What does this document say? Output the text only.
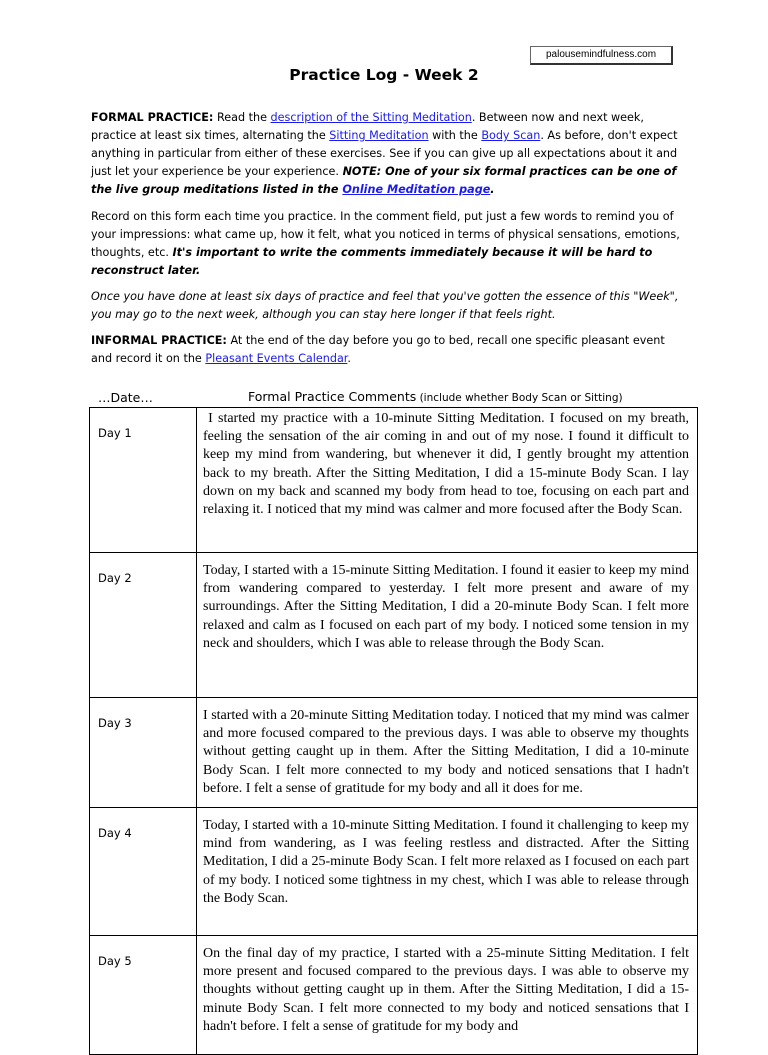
palousemindfulness.com
Practice Log - Week 2
FORMAL PRACTICE: Read the description of the Sitting Meditation. Between now and next week, practice at least six times, alternating the Sitting Meditation with the Body Scan. As before, don't expect anything in particular from either of these exercises. See if you can give up all expectations about it and just let your experience be your experience. NOTE: One of your six formal practices can be one of the live group meditations listed in the Online Meditation page.
Record on this form each time you practice. In the comment field, put just a few words to remind you of your impressions: what came up, how it felt, what you noticed in terms of physical sensations, emotions, thoughts, etc. It's important to write the comments immediately because it will be hard to reconstruct later.
Once you have done at least six days of practice and feel that you've gotten the essence of this "Week", you may go to the next week, although you can stay here longer if that feels right.
INFORMAL PRACTICE: At the end of the day before you go to bed, recall one specific pleasant event and record it on the Pleasant Events Calendar.
…Date…	Formal Practice Comments (include whether Body Scan or Sitting)
Day 1	I started my practice with a 10-minute Sitting Meditation. I focused on my breath, feeling the sensation of the air coming in and out of my nose. I found it difficult to keep my mind from wandering, but whenever it did, I gently brought my attention back to my breath. After the Sitting Meditation, I did a 15-minute Body Scan. I lay down on my back and scanned my body from head to toe, focusing on each part and relaxing it. I noticed that my mind was calmer and more focused after the Body Scan.
Day 2	Today, I started with a 15-minute Sitting Meditation. I found it easier to keep my mind from wandering compared to yesterday. I felt more present and aware of my surroundings. After the Sitting Meditation, I did a 20-minute Body Scan. I felt more relaxed and calm as I focused on each part of my body. I noticed some tension in my neck and shoulders, which I was able to release through the Body Scan.
Day 3	I started with a 20-minute Sitting Meditation today. I noticed that my mind was calmer and more focused compared to the previous days. I was able to observe my thoughts without getting caught up in them. After the Sitting Meditation, I did a 10-minute Body Scan. I felt more connected to my body and noticed sensations that I hadn't before. I felt a sense of gratitude for my body and all it does for me.
Day 4	Today, I started with a 10-minute Sitting Meditation. I found it challenging to keep my mind from wandering, as I was feeling restless and distracted. After the Sitting Meditation, I did a 25-minute Body Scan. I felt more relaxed as I focused on each part of my body. I noticed some tightness in my chest, which I was able to release through the Body Scan.
Day 5	On the final day of my practice, I started with a 25-minute Sitting Meditation. I felt more present and focused compared to the previous days. I was able to observe my thoughts without getting caught up in them. After the Sitting Meditation, I did a 15-minute Body Scan. I felt more connected to my body and noticed sensations that I hadn't before. I felt a sense of gratitude for my body and
